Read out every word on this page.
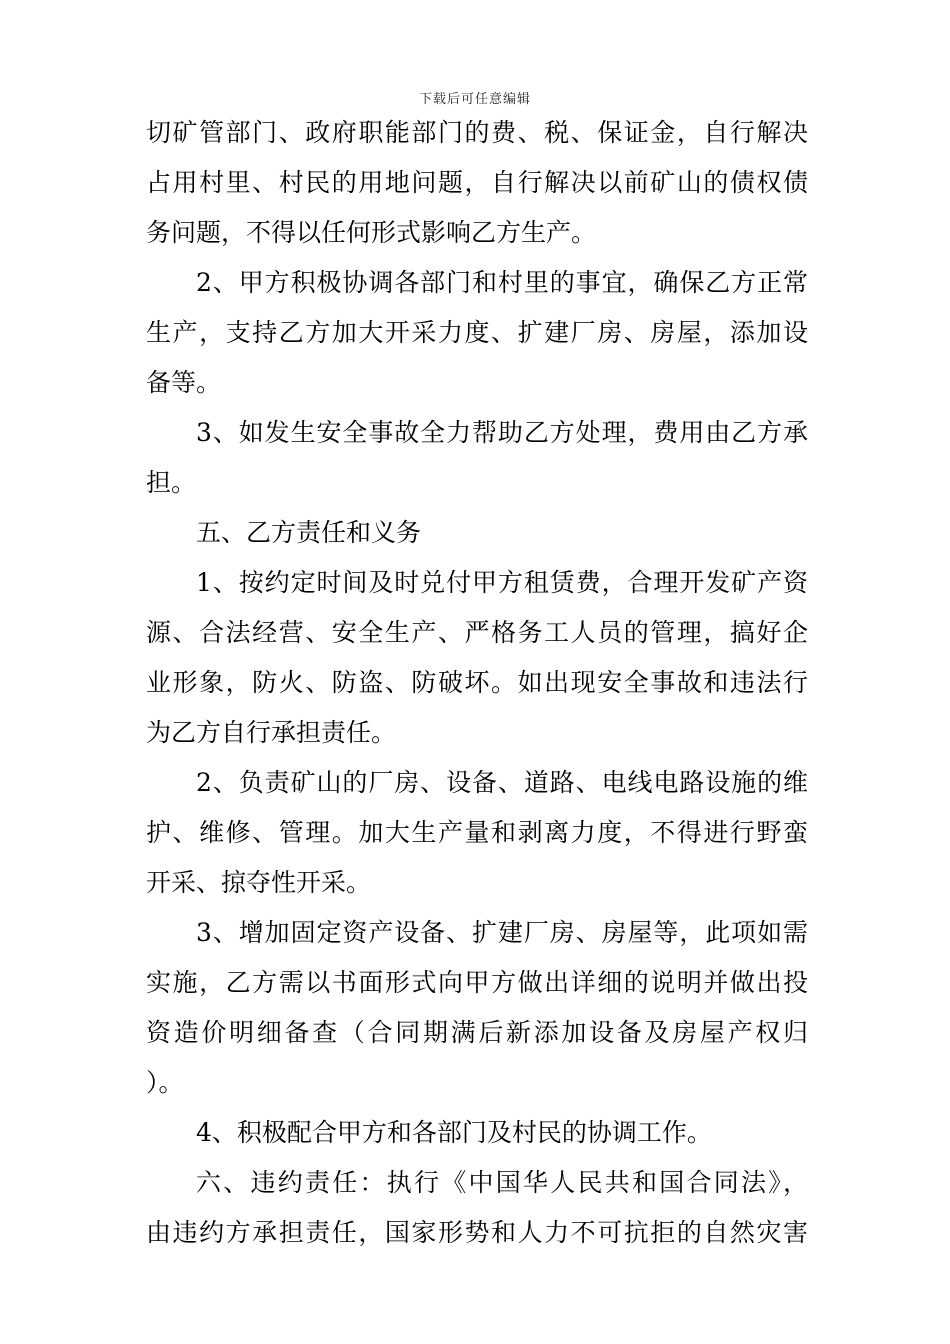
下载后可任意编辑
切矿管部门、政府职能部门的费、税、保证金，自行解决
占用村里、村民的用地问题，自行解决以前矿山的债权债
务问题，不得以任何形式影响乙方生产。
2、甲方积极协调各部门和村里的事宜，确保乙方正常
生产，支持乙方加大开采力度、扩建厂房、房屋，添加设
备等。
3、如发生安全事故全力帮助乙方处理，费用由乙方承
担。
五、乙方责任和义务
1、按约定时间及时兑付甲方租赁费，合理开发矿产资
源、合法经营、安全生产、严格务工人员的管理，搞好企
业形象，防火、防盗、防破坏。如出现安全事故和违法行
为乙方自行承担责任。
2、负责矿山的厂房、设备、道路、电线电路设施的维
护、维修、管理。加大生产量和剥离力度，不得进行野蛮
开采、掠夺性开采。
3、增加固定资产设备、扩建厂房、房屋等，此项如需
实施，乙方需以书面形式向甲方做出详细的说明并做出投
资造价明细备查（合同期满后新添加设备及房屋产权归
）。
4、积极配合甲方和各部门及村民的协调工作。
六、违约责任：执行《中国华人民共和国合同法》，
由违约方承担责任，国家形势和人力不可抗拒的自然灾害
